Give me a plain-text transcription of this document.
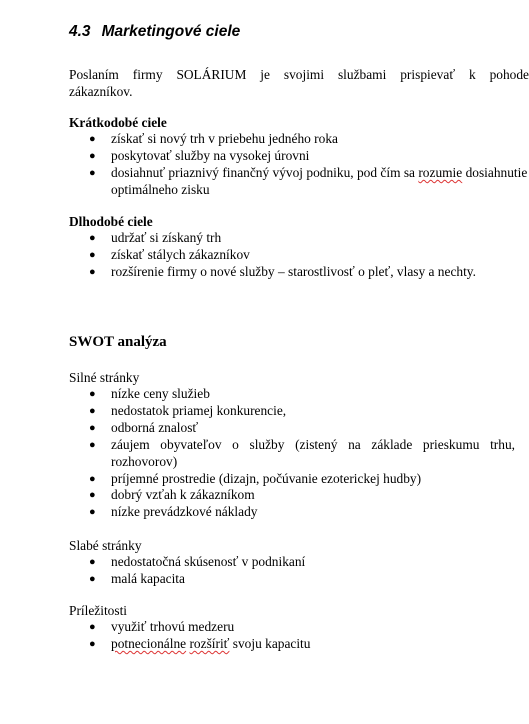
4.3 Marketingové ciele

Poslaním firmy SOLÁRIUM je svojimi službami prispievať k pohode

zákazníkov.

Krátkodobé ciele

● získať si nový trh v priebehu jedného roka
● poskytovať služby na vysokej úrovni
● dosiahnuť priaznivý finančný vývoj podniku, pod čím sa rozumie dosiahnutie
optimálneho zisku

Dlhodobé ciele

● udržať si získaný trh
● získať stálych zákazníkov
● rozšírenie firmy o nové služby – starostlivosť o pleť, vlasy a nechty.
SWOT analýza

Silné stránky

● nízke ceny služieb
● nedostatok priamej konkurencie,
● odborná znalosť
● záujem obyvateľov o služby (zistený na základe prieskumu trhu,
rozhovorov)
● príjemné prostredie (dizajn, počúvanie ezoterickej hudby)
● dobrý vzťah k zákazníkom
● nízke prevádzkové náklady

Slabé stránky

● nedostatočná skúsenosť v podnikaní
● malá kapacita

Príležitosti

● využiť trhovú medzeru
● potnecionálne rozšíriť svoju kapacitu
